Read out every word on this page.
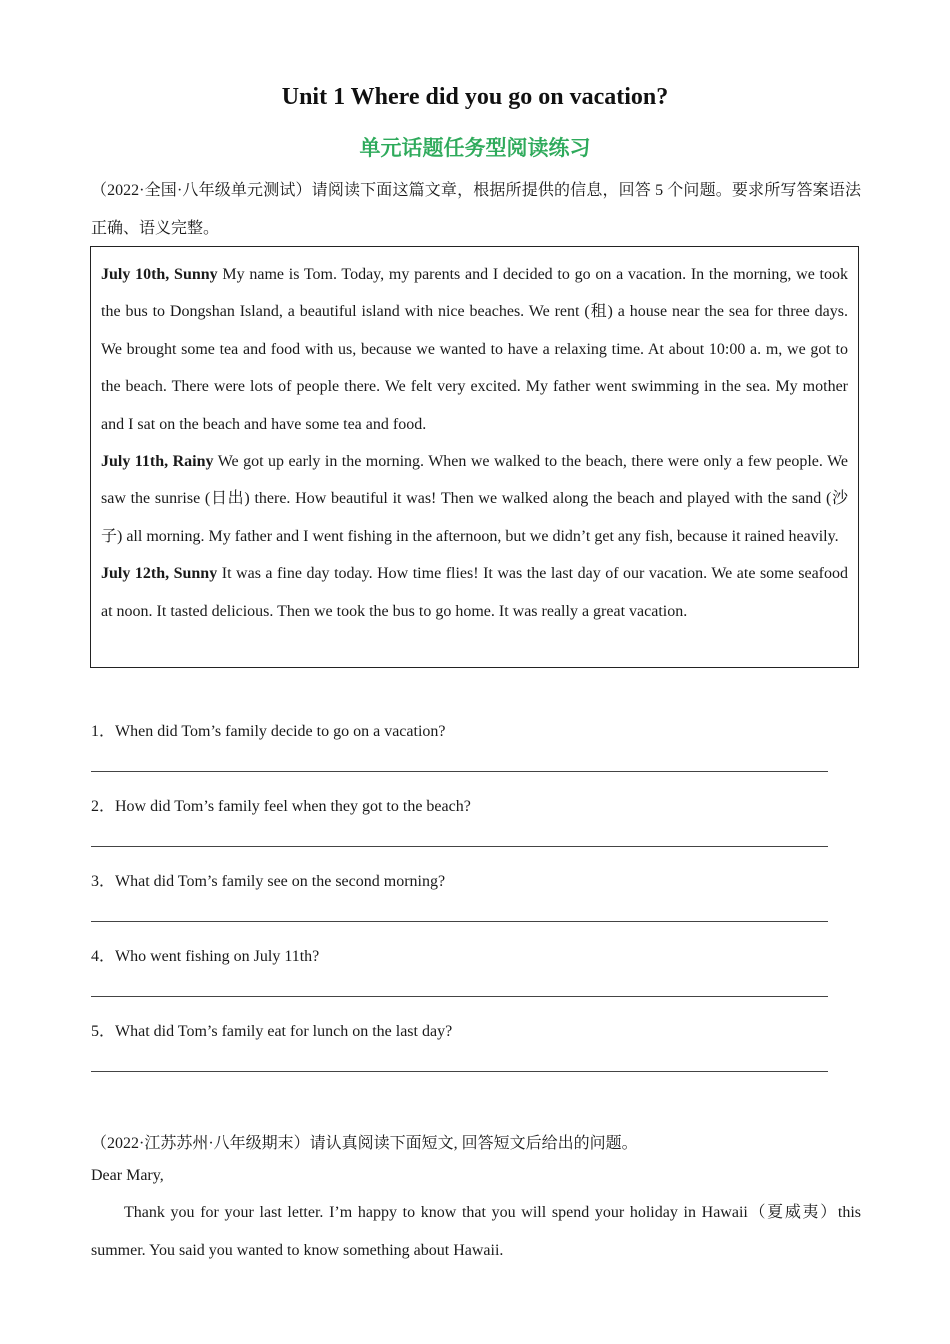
Unit 1 Where did you go on vacation?
单元话题任务型阅读练习
（2022·全国·八年级单元测试）请阅读下面这篇文章，根据所提供的信息，回答 5 个问题。要求所写答案语法正确、语义完整。

July 10th, Sunny My name is Tom. Today, my parents and I decided to go on a vacation. In the morning, we took the bus to Dongshan Island, a beautiful island with nice beaches. We rent (租) a house near the sea for three days. We brought some tea and food with us, because we wanted to have a relaxing time. At about 10:00 a. m, we got to the beach. There were lots of people there. We felt very excited. My father went swimming in the sea. My mother and I sat on the beach and have some tea and food.

July 11th, Rainy We got up early in the morning. When we walked to the beach, there were only a few people. We saw the sunrise (日出) there. How beautiful it was! Then we walked along the beach and played with the sand (沙子) all morning. My father and I went fishing in the afternoon, but we didn’t get any fish, because it rained heavily.

July 12th, Sunny It was a fine day today. How time flies! It was the last day of our vacation. We ate some seafood at noon. It tasted delicious. Then we took the bus to go home. It was really a great vacation.

1．When did Tom’s family decide to go on a vacation?
2．How did Tom’s family feel when they got to the beach?
3．What did Tom’s family see on the second morning?
4．Who went fishing on July 11th?
5．What did Tom’s family eat for lunch on the last day?
（2022·江苏苏州·八年级期末）请认真阅读下面短文, 回答短文后给出的问题。
Dear Mary,
Thank you for your last letter. I’m happy to know that you will spend your holiday in Hawaii（夏威夷）this summer. You said you wanted to know something about Hawaii.
